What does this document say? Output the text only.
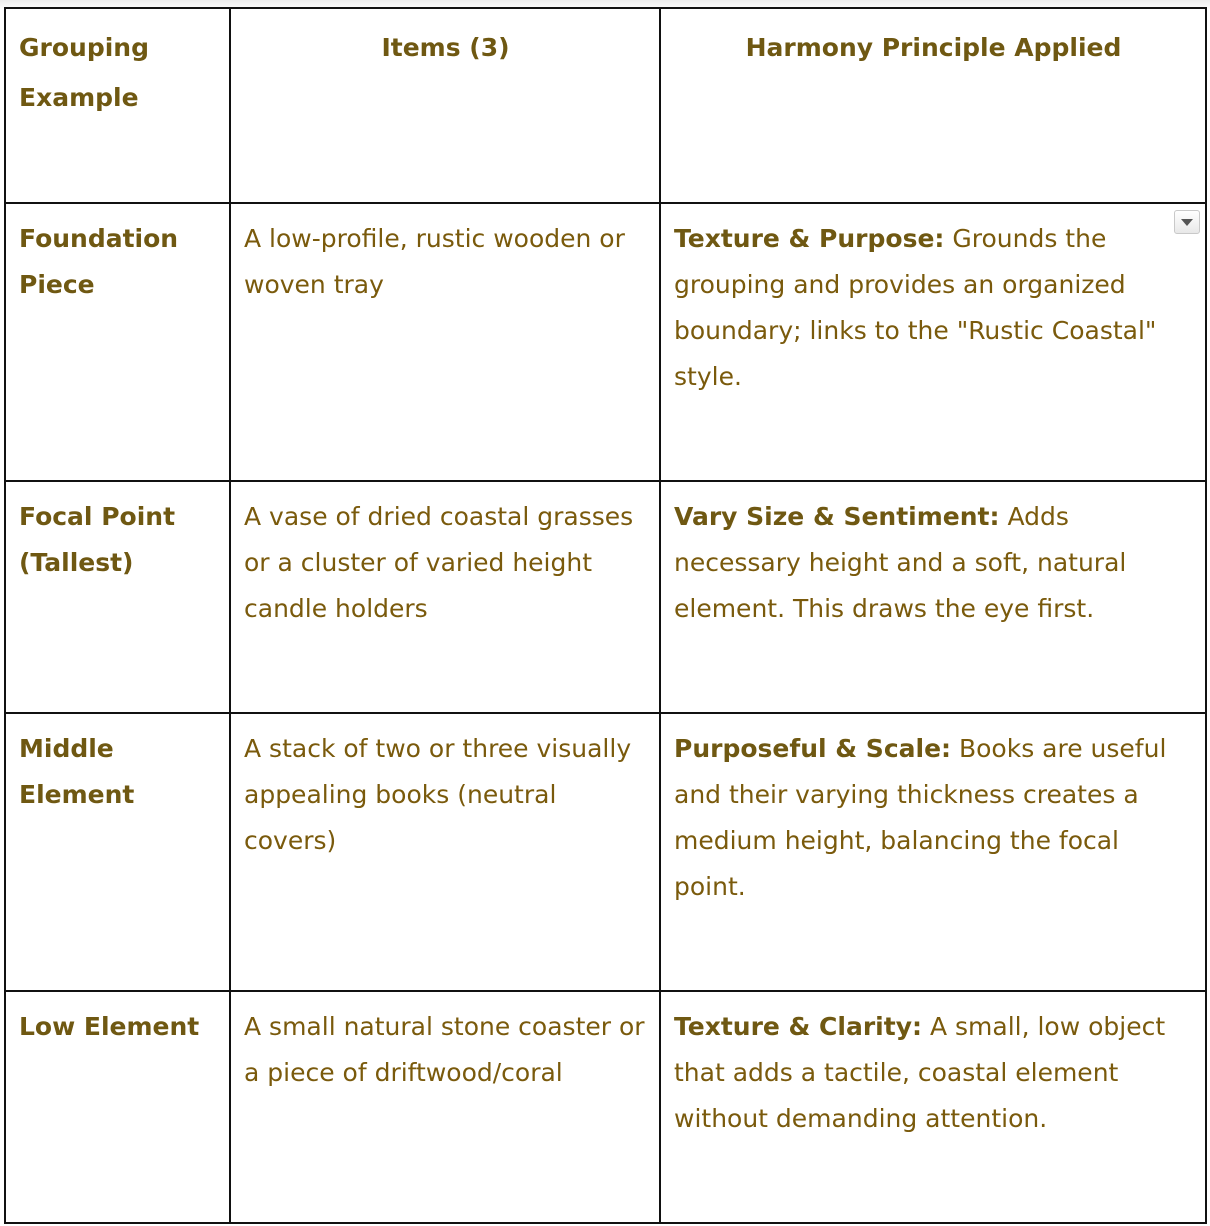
Grouping Example	Items (3)	Harmony Principle Applied
Foundation Piece	A low-profile, rustic wooden or woven tray	Texture & Purpose: Grounds the grouping and provides an organized boundary; links to the "Rustic Coastal" style.
Focal Point (Tallest)	A vase of dried coastal grasses or a cluster of varied height candle holders	Vary Size & Sentiment: Adds necessary height and a soft, natural element. This draws the eye first.
Middle Element	A stack of two or three visually appealing books (neutral covers)	Purposeful & Scale: Books are useful and their varying thickness creates a medium height, balancing the focal point.
Low Element	A small natural stone coaster or a piece of driftwood/coral	Texture & Clarity: A small, low object that adds a tactile, coastal element without demanding attention.
